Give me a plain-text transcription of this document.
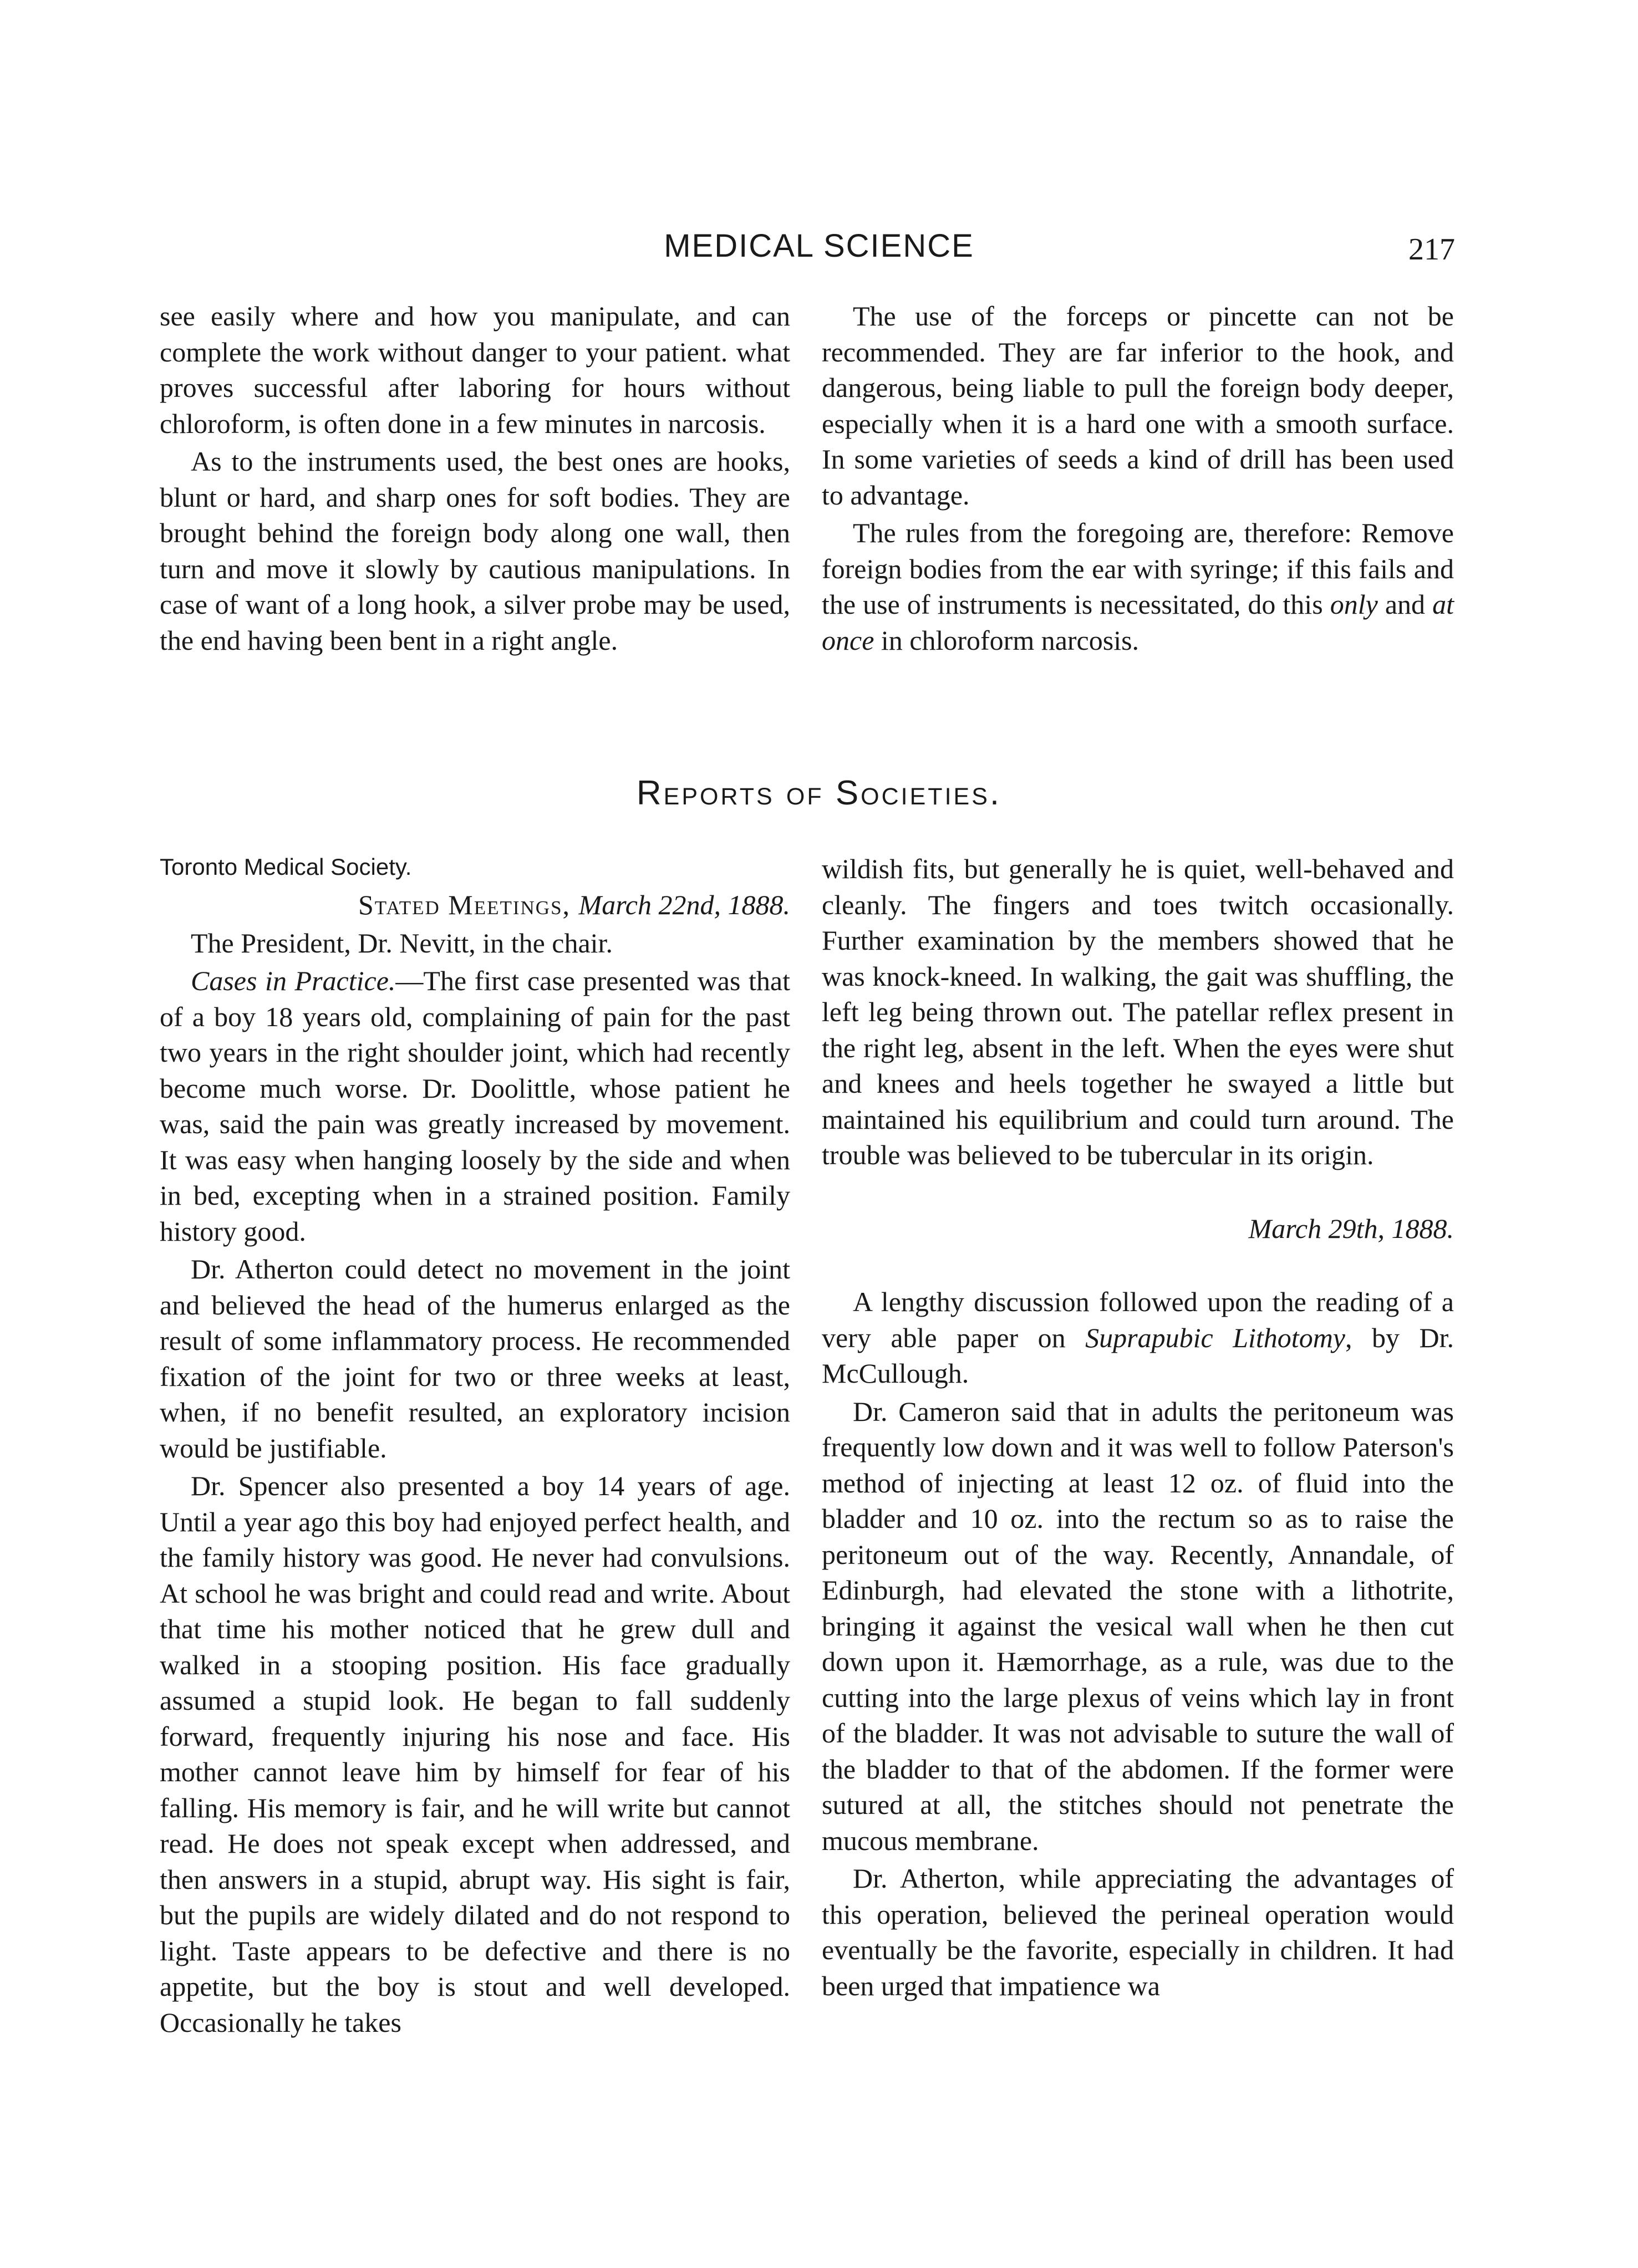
MEDICAL SCIENCE	217

see easily where and how you manipulate, and can complete the work without danger to your patient. what proves successful after laboring for hours without chloroform, is often done in a few minutes in narcosis.

As to the instruments used, the best ones are hooks, blunt or hard, and sharp ones for soft bodies. They are brought behind the foreign body along one wall, then turn and move it slowly by cautious manipulations. In case of want of a long hook, a silver probe may be used, the end having been bent in a right angle.

The use of the forceps or pincette can not be recommended. They are far inferior to the hook, and dangerous, being liable to pull the foreign body deeper, especially when it is a hard one with a smooth surface. In some varieties of seeds a kind of drill has been used to advantage.

The rules from the foregoing are, therefore: Remove foreign bodies from the ear with syringe; if this fails and the use of instruments is necessitated, do this only and at once in chloroform narcosis.

Reports of Societies.
Toronto Medical Society.

Stated Meetings, March 22nd, 1888.

The President, Dr. Nevitt, in the chair.

Cases in Practice.—The first case presented was that of a boy 18 years old, complaining of pain for the past two years in the right shoulder joint, which had recently become much worse. Dr. Doolittle, whose patient he was, said the pain was greatly increased by movement. It was easy when hanging loosely by the side and when in bed, excepting when in a strained position. Family history good.

Dr. Atherton could detect no movement in the joint and believed the head of the humerus enlarged as the result of some inflammatory process. He recommended fixation of the joint for two or three weeks at least, when, if no benefit resulted, an exploratory incision would be justifiable.

Dr. Spencer also presented a boy 14 years of age. Until a year ago this boy had enjoyed perfect health, and the family history was good. He never had convulsions. At school he was bright and could read and write. About that time his mother noticed that he grew dull and walked in a stooping position. His face gradually assumed a stupid look. He began to fall suddenly forward, frequently injuring his nose and face. His mother cannot leave him by himself for fear of his falling. His memory is fair, and he will write but cannot read. He does not speak except when addressed, and then answers in a stupid, abrupt way. His sight is fair, but the pupils are widely dilated and do not respond to light. Taste appears to be defective and there is no appetite, but the boy is stout and well developed. Occasionally he takes

wildish fits, but generally he is quiet, well-behaved and cleanly. The fingers and toes twitch occasionally. Further examination by the members showed that he was knock-kneed. In walking, the gait was shuffling, the left leg being thrown out. The patellar reflex present in the right leg, absent in the left. When the eyes were shut and knees and heels together he swayed a little but maintained his equilibrium and could turn around. The trouble was believed to be tubercular in its origin.

March 29th, 1888.

A lengthy discussion followed upon the reading of a very able paper on Suprapubic Lithotomy, by Dr. McCullough.

Dr. Cameron said that in adults the peritoneum was frequently low down and it was well to follow Paterson's method of injecting at least 12 oz. of fluid into the bladder and 10 oz. into the rectum so as to raise the peritoneum out of the way. Recently, Annandale, of Edinburgh, had elevated the stone with a lithotrite, bringing it against the vesical wall when he then cut down upon it. Hæmorrhage, as a rule, was due to the cutting into the large plexus of veins which lay in front of the bladder. It was not advisable to suture the wall of the bladder to that of the abdomen. If the former were sutured at all, the stitches should not penetrate the mucous membrane.

Dr. Atherton, while appreciating the advantages of this operation, believed the perineal operation would eventually be the favorite, especially in children. It had been urged that impatience wa
